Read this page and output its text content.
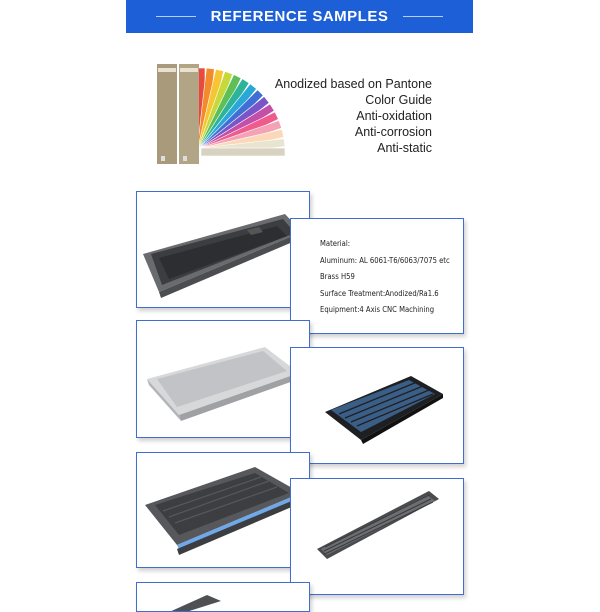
REFERENCE SAMPLES
Anodized based on Pantone
Color Guide
Anti-oxidation
Anti-corrosion
Anti-static
Material:
Aluminum: AL 6061-T6/6063/7075 etc
Brass H59
Surface Treatment:Anodized/Ra1.6
Equipment:4 Axis CNC Machining
